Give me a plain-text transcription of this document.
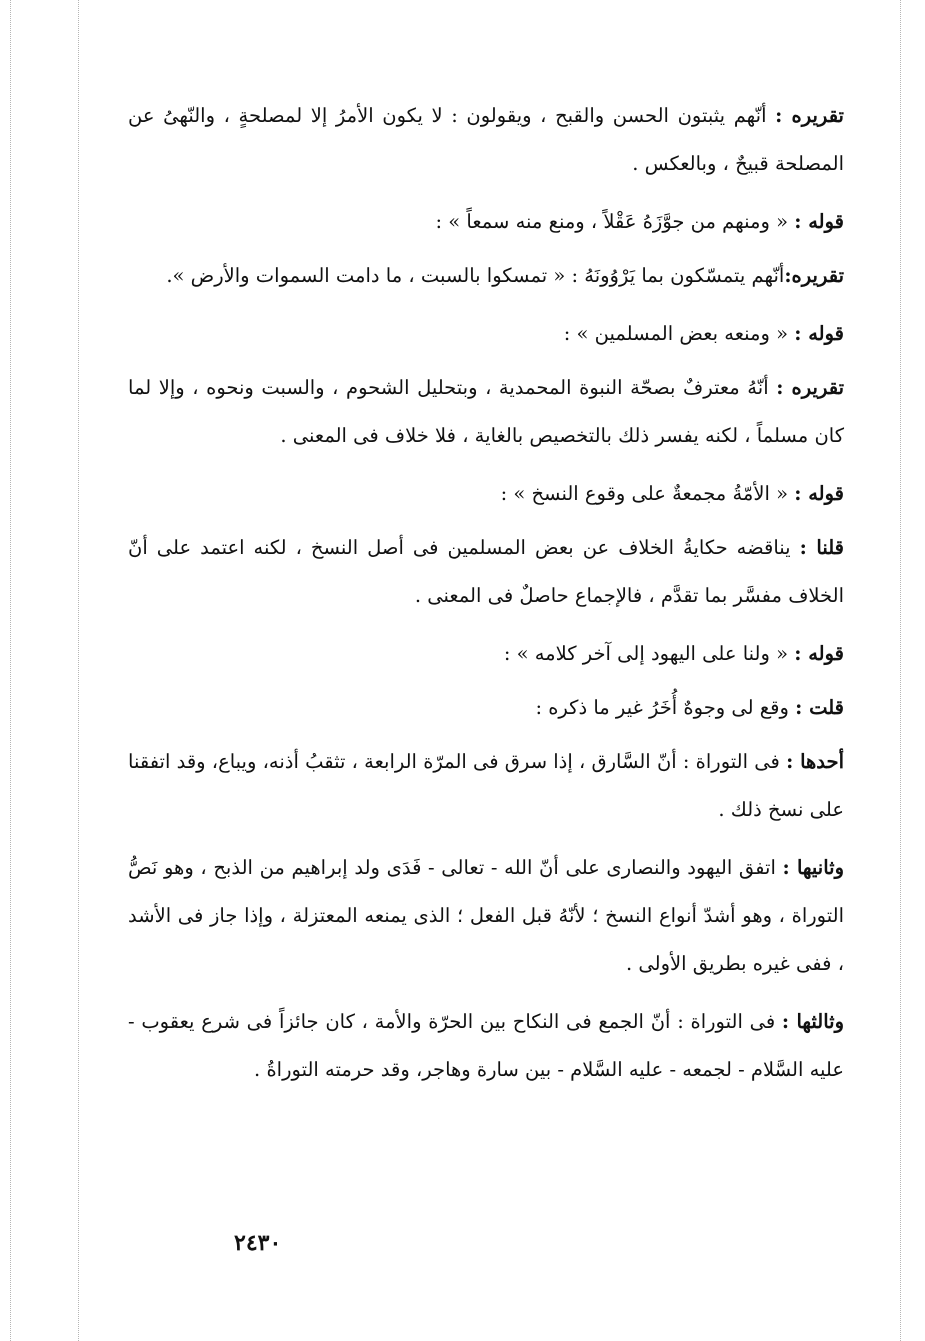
تقريره : أنّهم يثبتون الحسن والقبح ، ويقولون : لا يكون الأمرُ إلا لمصلحةٍ ، والنّهىُ عن المصلحة قبيحٌ ، وبالعكس .

قوله : « ومنهم من جوَّزَهُ عَقْلاً ، ومنع منه سمعاً » :

تقريره:أنّهم يتمسّكون بما يَرْوُونَهُ : « تمسكوا بالسبت ، ما دامت السموات والأرض ».

قوله : « ومنعه بعض المسلمين » :

تقريره : أنّهُ معترفٌ بصحّة النبوة المحمدية ، وبتحليل الشحوم ، والسبت ونحوه ، وإلا لما كان مسلماً ، لكنه يفسر ذلك بالتخصيص بالغاية ، فلا خلاف فى المعنى .

قوله : « الأمّةُ مجمعةٌ على وقوع النسخ » :

قلنا : يناقضه حكايةُ الخلاف عن بعض المسلمين فى أصل النسخ ، لكنه اعتمد على أنّ الخلاف مفسَّر بما تقدَّم ، فالإجماع حاصلٌ فى المعنى .

قوله : « ولنا على اليهود إلى آخر كلامه » :

قلت : وقع لى وجوهٌ أُخَرُ غير ما ذكره :

أحدها : فى التوراة : أنّ السَّارق ، إذا سرق فى المرّة الرابعة ، تثقبُ أذنه، ويباع، وقد اتفقنا على نسخ ذلك .

وثانيها : اتفق اليهود والنصارى على أنّ الله - تعالى - فَدَى ولد إبراهيم من الذبح ، وهو نَصُّ التوراة ، وهو أشدّ أنواع النسخ ؛ لأنّهُ قبل الفعل ؛ الذى يمنعه المعتزلة ، وإذا جاز فى الأشد ، ففى غيره بطريق الأولى .

وثالثها : فى التوراة : أنّ الجمع فى النكاح بين الحرّة والأمة ، كان جائزاً فى شرع يعقوب - عليه السَّلام - لجمعه - عليه السَّلام - بين سارة وهاجر، وقد حرمته التوراةُ .

٢٤٣٠
